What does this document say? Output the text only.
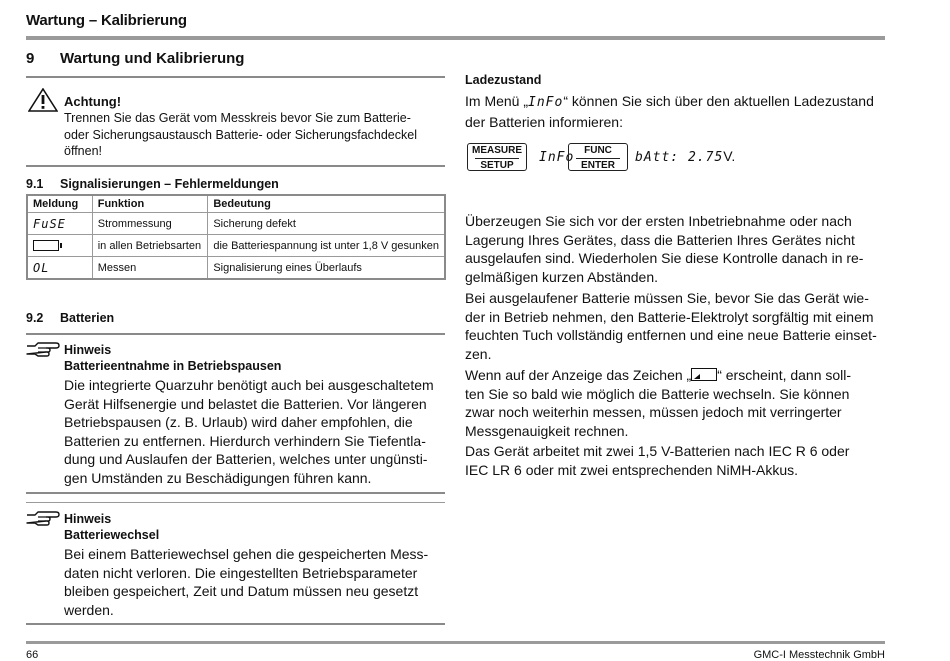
Wartung – Kalibrierung
9 Wartung und Kalibrierung
Achtung!
Trennen Sie das Gerät vom Messkreis bevor Sie zum Batterie-
oder Sicherungsaustausch Batterie- oder Sicherungsfachdeckel
öffnen!
9.1 Signalisierungen – Fehlermeldungen
Meldung	Funktion	Bedeutung
FuSE	Strommessung	Sicherung defekt
	in allen Betriebsarten	die Batteriespannung ist unter 1,8 V gesunken
OL	Messen	Signalisierung eines Überlaufs
9.2 Batterien
Hinweis
Batterieentnahme in Betriebspausen
Die integrierte Quarzuhr benötigt auch bei ausgeschaltetem
Gerät Hilfsenergie und belastet die Batterien. Vor längeren
Betriebspausen (z. B. Urlaub) wird daher empfohlen, die
Batterien zu entfernen. Hierdurch verhindern Sie Tiefentla-
dung und Auslaufen der Batterien, welches unter ungünsti-
gen Umständen zu Beschädigungen führen kann.
Hinweis
Batteriewechsel
Bei einem Batteriewechsel gehen die gespeicherten Mess-
daten nicht verloren. Die eingestellten Betriebsparameter
bleiben gespeichert, Zeit und Datum müssen neu gesetzt
werden.
Ladezustand
Im Menü „InFo“ können Sie sich über den aktuellen Ladezustand
der Batterien informieren:
MEASURE
SETUP
InFo FUNC
ENTER
bAtt: 2.75V.
Überzeugen Sie sich vor der ersten Inbetriebnahme oder nach
Lagerung Ihres Gerätes, dass die Batterien Ihres Gerätes nicht
ausgelaufen sind. Wiederholen Sie diese Kontrolle danach in re-
gelmäßigen kurzen Abständen.
Bei ausgelaufener Batterie müssen Sie, bevor Sie das Gerät wie-
der in Betrieb nehmen, den Batterie-Elektrolyt sorgfältig mit einem
feuchten Tuch vollständig entfernen und eine neue Batterie einset-
zen.
Wenn auf der Anzeige das Zeichen „ “ erscheint, dann soll-
ten Sie so bald wie möglich die Batterie wechseln. Sie können
zwar noch weiterhin messen, müssen jedoch mit verringerter
Messgenauigkeit rechnen.
Das Gerät arbeitet mit zwei 1,5 V-Batterien nach IEC R 6 oder
IEC LR 6 oder mit zwei entsprechenden NiMH-Akkus.
66	GMC-I Messtechnik GmbH
